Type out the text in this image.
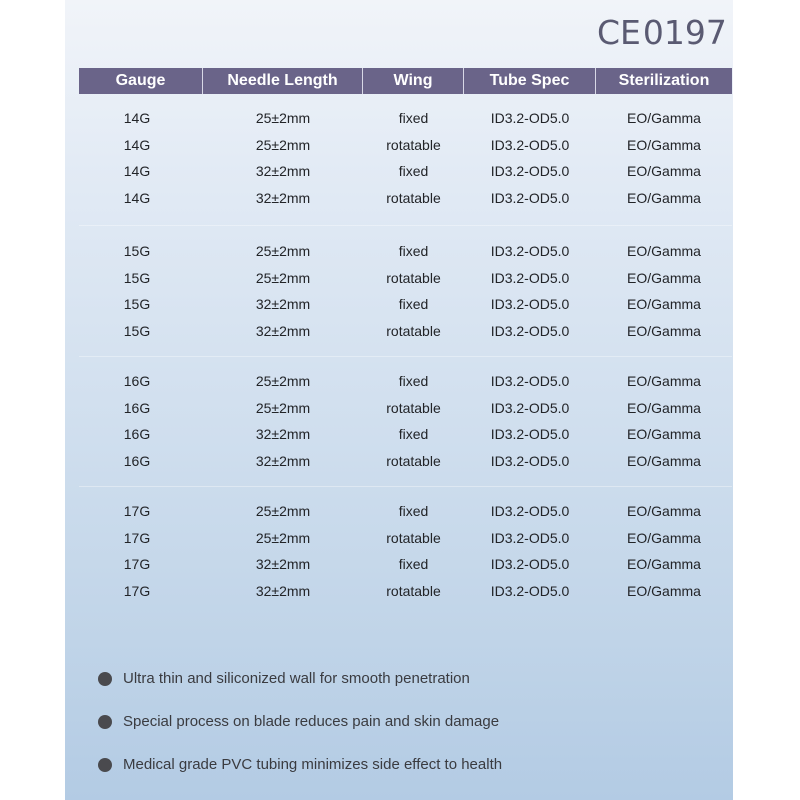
CE 0197
Gauge	Needle Length	Wing	Tube Spec	Sterilization
14G	25±2mm	fixed	ID3.2-OD5.0	EO/Gamma
14G	25±2mm	rotatable	ID3.2-OD5.0	EO/Gamma
14G	32±2mm	fixed	ID3.2-OD5.0	EO/Gamma
14G	32±2mm	rotatable	ID3.2-OD5.0	EO/Gamma
15G	25±2mm	fixed	ID3.2-OD5.0	EO/Gamma
15G	25±2mm	rotatable	ID3.2-OD5.0	EO/Gamma
15G	32±2mm	fixed	ID3.2-OD5.0	EO/Gamma
15G	32±2mm	rotatable	ID3.2-OD5.0	EO/Gamma
16G	25±2mm	fixed	ID3.2-OD5.0	EO/Gamma
16G	25±2mm	rotatable	ID3.2-OD5.0	EO/Gamma
16G	32±2mm	fixed	ID3.2-OD5.0	EO/Gamma
16G	32±2mm	rotatable	ID3.2-OD5.0	EO/Gamma
17G	25±2mm	fixed	ID3.2-OD5.0	EO/Gamma
17G	25±2mm	rotatable	ID3.2-OD5.0	EO/Gamma
17G	32±2mm	fixed	ID3.2-OD5.0	EO/Gamma
17G	32±2mm	rotatable	ID3.2-OD5.0	EO/Gamma
Ultra thin and siliconized wall for smooth penetration
Special process on blade reduces pain and skin damage
Medical grade PVC tubing minimizes side effect to health
